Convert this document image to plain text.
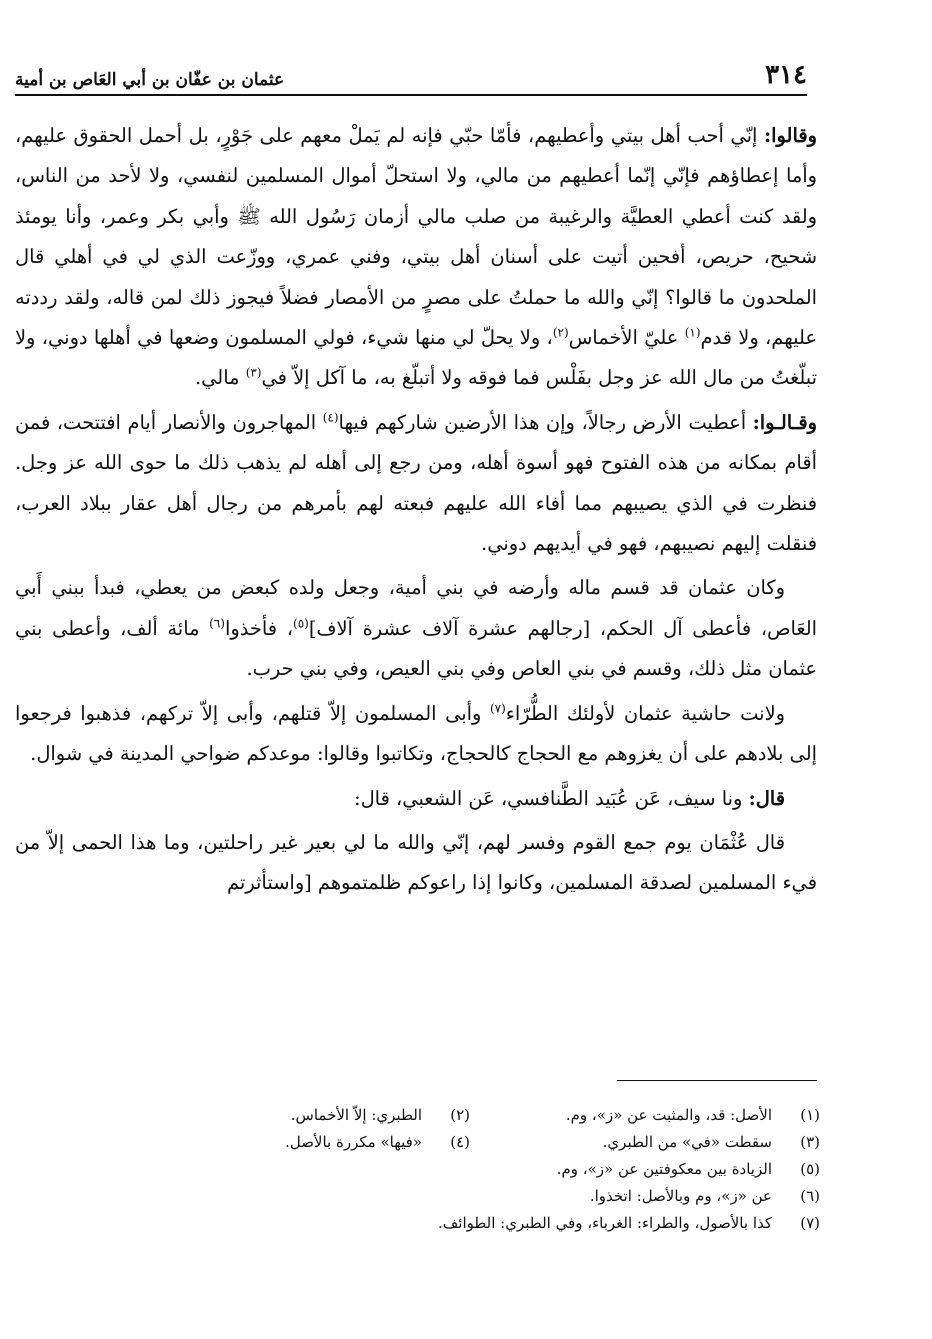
٣١٤
عثمان بن عفّان بن أبي العَاص بن أمية

وقالوا: إنّي أحب أهل بيتي وأعطيهم، فأمّا حبّي فإنه لم يَملْ معهم على جَوْرٍ، بل أحمل الحقوق عليهم، وأما إعطاؤهم فإنّي إنّما أعطيهم من مالي، ولا استحلّ أموال المسلمين لنفسي، ولا لأحد من الناس، ولقد كنت أعطي العطيَّة والرغيبة من صلب مالي أزمان رَسُول الله ﷺ وأبي بكر وعمر، وأنا يومئذ شحيح، حريص، أفحين أتيت على أسنان أهل بيتي، وفني عمري، ووزّعت الذي لي في أهلي قال الملحدون ما قالوا؟ إنّي والله ما حملتُ على مصرٍ من الأمصار فضلاً فيجوز ذلك لمن قاله، ولقد رددته عليهم، ولا قدم$^{(١)}$ عليّ الأخماس$^{(٢)}$، ولا يحلّ لي منها شيء، فولي المسلمون وضعها في أهلها دوني، ولا تبلّغتُ من مال الله عز وجل بفَلْس فما فوقه ولا أتبلّغ به، ما آكل إلاّ في$^{(٣)}$ مالي.

وقـالـوا: أعطيت الأرض رجالاً، وإن هذا الأرضين شاركهم فيها$^{(٤)}$ المهاجرون والأنصار أيام افتتحت، فمن أقام بمكانه من هذه الفتوح فهو أسوة أهله، ومن رجع إلى أهله لم يذهب ذلك ما حوى الله عز وجل. فنظرت في الذي يصيبهم مما أفاء الله عليهم فبعته لهم بأمرهم من رجال أهل عقار ببلاد العرب، فنقلت إليهم نصيبهم، فهو في أيديهم دوني.

وكان عثمان قد قسم ماله وأرضه في بني أمية، وجعل ولده كبعض من يعطي، فبدأ ببني أَبي العَاص، فأعطى آل الحكم، [رجالهم عشرة آلاف عشرة آلاف]$^{(٥)}$، فأخذوا$^{(٦)}$ مائة ألف، وأعطى بني عثمان مثل ذلك، وقسم في بني العاص وفي بني العيص، وفي بني حرب.

ولانت حاشية عثمان لأولئك الطُّرّاء$^{(٧)}$ وأبى المسلمون إلاّ قتلهم، وأبى إلاّ تركهم، فذهبوا فرجعوا إلى بلادهم على أن يغزوهم مع الحجاج كالحجاج، وتكاتبوا وقالوا: موعدكم ضواحي المدينة في شوال.

قال: ونا سيف، عَن عُبَيد الطَّنافسي، عَن الشعبي، قال:

قال عُثْمَان يوم جمع القوم وفسر لهم، إنّي والله ما لي بعير غير راحلتين، وما هذا الحمى إلاّ من فيء المسلمين لصدقة المسلمين، وكانوا إذا راعوكم ظلمتموهم [واستأثرتم

(١)
الأصل: قد، والمثبت عن «ز»، وم.
(٢)
الطبري: إلاّ الأخماس.
(٣)
سقطت «في» من الطبري.
(٤)
«فيها» مكررة بالأصل.
(٥)
الزيادة بين معكوفتين عن «ز»، وم.
(٦)
عن «ز»، وم وبالأصل: اتخذوا.
(٧)
كذا بالأصول، والطراء: الغرباء، وفي الطبري: الطوائف.
